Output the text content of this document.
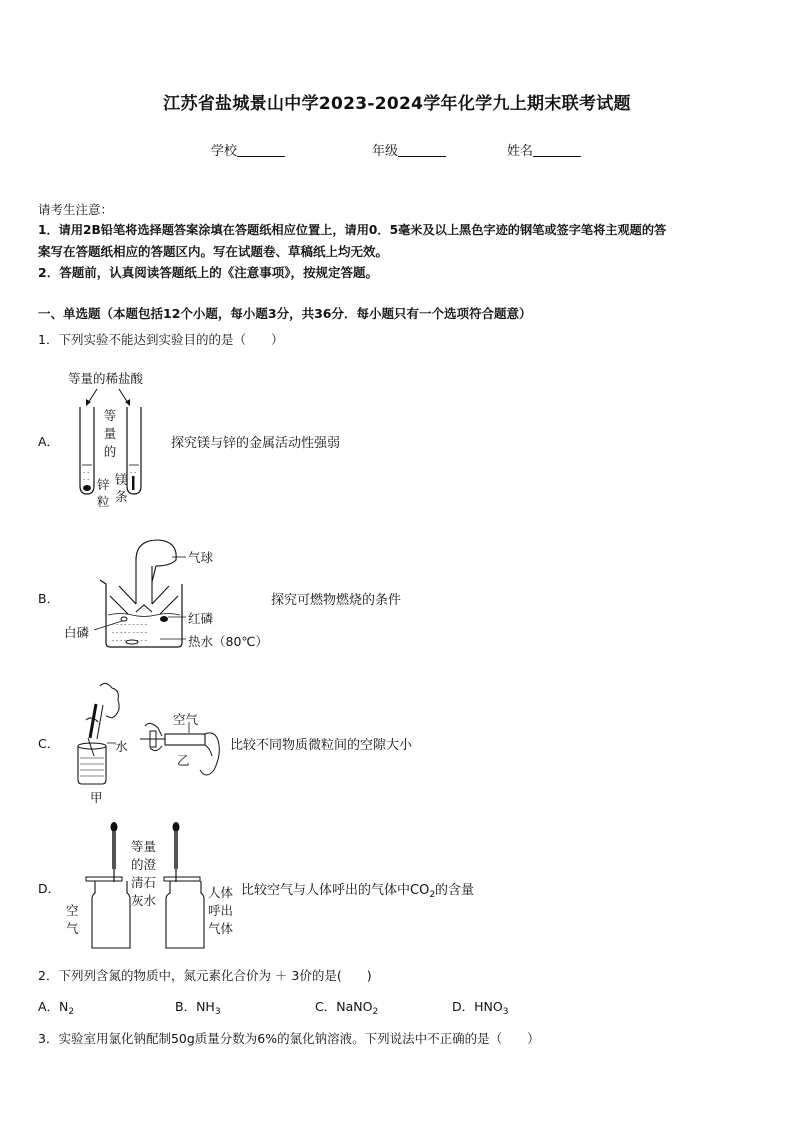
江苏省盐城景山中学2023-2024学年化学九上期末联考试题
学校	年级	姓名
请考生注意：
1．请用2B铅笔将选择题答案涂填在答题纸相应位置上，请用0．5毫米及以上黑色字迹的钢笔或签字笔将主观题的答
案写在答题纸相应的答题区内。写在试题卷、草稿纸上均无效。
2．答题前，认真阅读答题纸上的《注意事项》，按规定答题。
一、单选题（本题包括12个小题，每小题3分，共36分．每小题只有一个选项符合题意）
1．下列实验不能达到实验目的的是（　　）
A．
等量的稀盐酸
等
量
的
锌
粒
镁
条
- -
- -
- -
探究镁与锌的金属活动性强弱
B．
气球
红磷
白磷
热水（80℃）
- - - - - - - - -
- - - - - - - - -
- - - - - - - - -
探究可燃物燃烧的条件
C．
空气
水
甲
乙
比较不同物质微粒间的空隙大小
D．
等量
的澄
清石
灰水
空
气
人体
呼出
气体
比较空气与人体呼出的气体中$CO_2$的含量
2．下列列含氮的物质中，氮元素化合价为 ＋ 3价的是(　　)
A．$N_2$	B．$NH_3$	C．NaNO$_2$	D．$HNO_3$
3．实验室用氯化钠配制50g质量分数为6%的氯化钠溶液。下列说法中不正确的是（　　）
